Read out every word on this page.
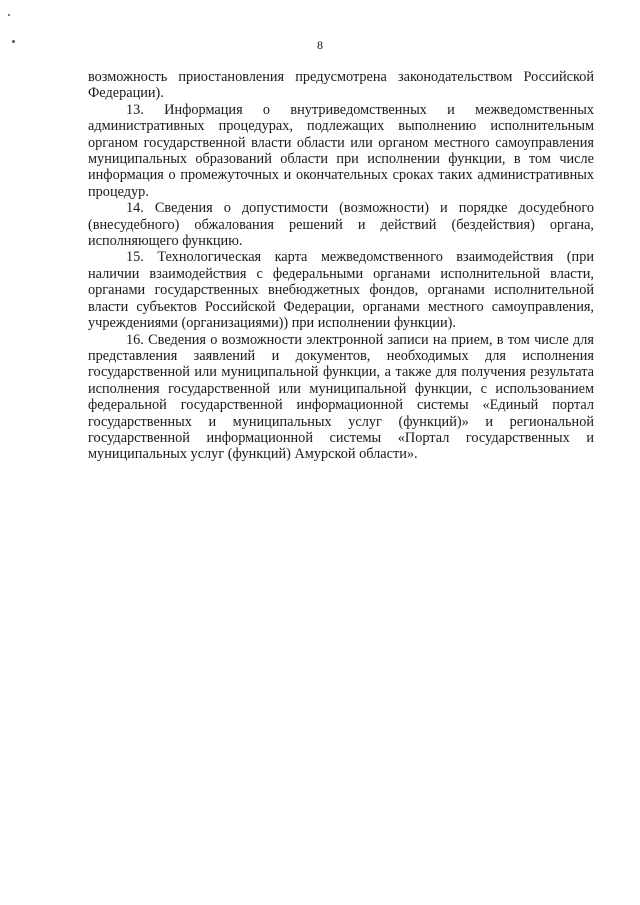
8

возможность приостановления предусмотрена законодательством Российской Федерации).

13. Информация о внутриведомственных и межведомственных административных процедурах, подлежащих выполнению исполнительным органом государственной власти области или органом местного самоуправления муниципальных образований области при исполнении функции, в том числе информация о промежуточных и окончательных сроках таких административных процедур.

14. Сведения о допустимости (возможности) и порядке досудебного (внесудебного) обжалования решений и действий (бездействия) органа, исполняющего функцию.

15. Технологическая карта межведомственного взаимодействия (при наличии взаимодействия с федеральными органами исполнительной власти, органами государственных внебюджетных фондов, органами исполнительной власти субъектов Российской Федерации, органами местного самоуправления, учреждениями (организациями)) при исполнении функции).

16. Сведения о возможности электронной записи на прием, в том числе для представления заявлений и документов, необходимых для исполнения государственной или муниципальной функции, а также для получения результата исполнения государственной или муниципальной функции, с использованием федеральной государственной информационной системы «Единый портал государственных и муниципальных услуг (функций)» и региональной государственной информационной системы «Портал государственных и муниципальных услуг (функций) Амурской области».
